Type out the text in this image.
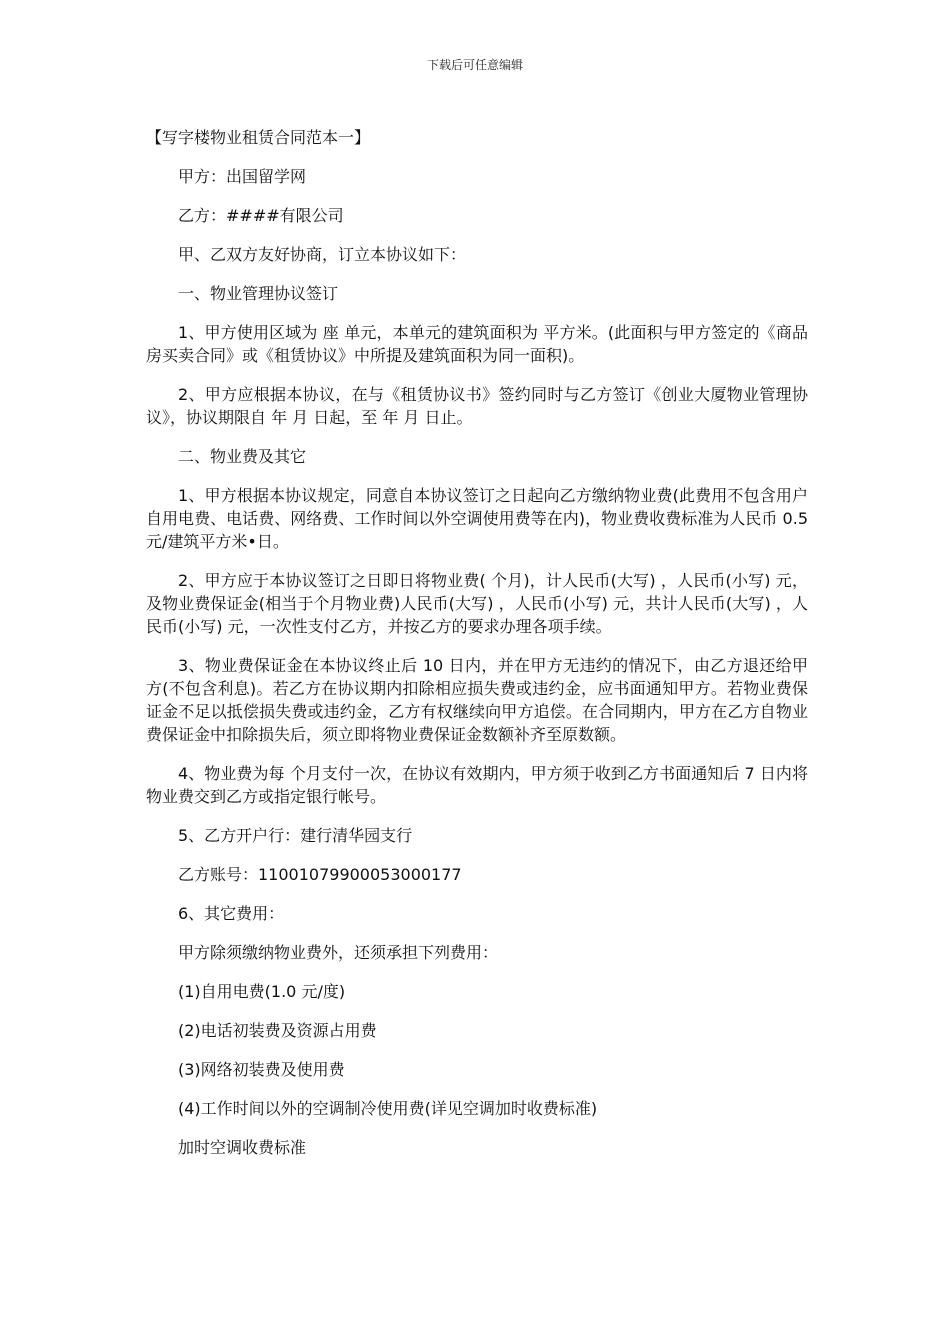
下载后可任意编辑
【写字楼物业租赁合同范本一】

甲方：出国留学网

乙方：####有限公司

甲、乙双方友好协商，订立本协议如下：

一、物业管理协议签订

1、甲方使用区域为 座 单元，本单元的建筑面积为 平方米。(此面积与甲方签定的《商品房买卖合同》或《租赁协议》中所提及建筑面积为同一面积)。

2、甲方应根据本协议，在与《租赁协议书》签约同时与乙方签订《创业大厦物业管理协议》，协议期限自 年 月 日起，至 年 月 日止。

二、物业费及其它

1、甲方根据本协议规定，同意自本协议签订之日起向乙方缴纳物业费(此费用不包含用户自用电费、电话费、网络费、工作时间以外空调使用费等在内)，物业费收费标准为人民币 0.5 元/建筑平方米•日。

2、甲方应于本协议签订之日即日将物业费( 个月)，计人民币(大写) ，人民币(小写) 元，及物业费保证金(相当于个月物业费)人民币(大写) ，人民币(小写) 元，共计人民币(大写) ，人民币(小写) 元，一次性支付乙方，并按乙方的要求办理各项手续。

3、物业费保证金在本协议终止后 10 日内，并在甲方无违约的情况下，由乙方退还给甲方(不包含利息)。若乙方在协议期内扣除相应损失费或违约金，应书面通知甲方。若物业费保证金不足以抵偿损失费或违约金，乙方有权继续向甲方追偿。在合同期内，甲方在乙方自物业费保证金中扣除损失后，须立即将物业费保证金数额补齐至原数额。

4、物业费为每 个月支付一次，在协议有效期内，甲方须于收到乙方书面通知后 7 日内将物业费交到乙方或指定银行帐号。

5、乙方开户行：建行清华园支行

乙方账号：11001079900053000177

6、其它费用：

甲方除须缴纳物业费外，还须承担下列费用：

(1)自用电费(1.0 元/度)

(2)电话初装费及资源占用费

(3)网络初装费及使用费

(4)工作时间以外的空调制冷使用费(详见空调加时收费标准)

加时空调收费标准
